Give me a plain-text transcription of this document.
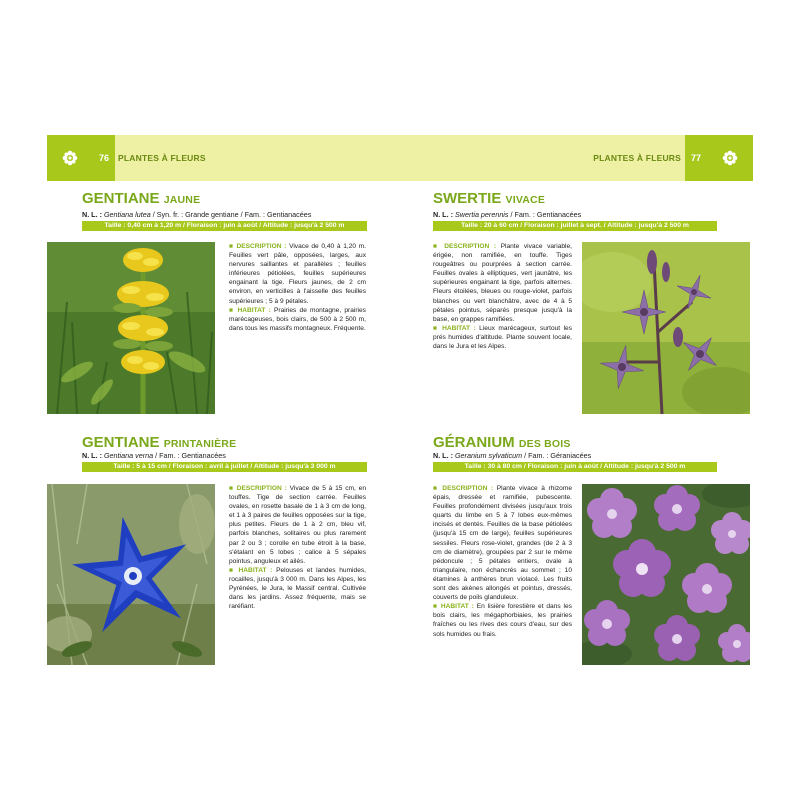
76	PLANTES À FLEURS	PLANTES À FLEURS	77
GENTIANE JAUNE
N. L. : Gentiana lutea / Syn. fr. : Grande gentiane / Fam. : Gentianacées
Taille : 0,40 cm à 1,20 m / Floraison : juin à août / Altitude : jusqu'à 2 500 m
■ DESCRIPTION : Vivace de 0,40 à 1,20 m. Feuilles vert pâle, opposées, larges, aux nervures saillantes et parallèles ; feuilles inférieures pétiolées, feuilles supérieures engainant la tige. Fleurs jaunes, de 2 cm environ, en verticilles à l'aisselle des feuilles supérieures ; 5 à 9 pétales.
■ HABITAT : Prairies de montagne, prairies marécageuses, bois clairs, de 500 à 2 500 m, dans tous les massifs montagneux. Fréquente.
SWERTIE VIVACE
N. L. : Swertia perennis / Fam. : Gentianacées
Taille : 20 à 60 cm / Floraison : juillet à sept. / Altitude : jusqu'à 2 500 m
■ DESCRIPTION : Plante vivace variable, érigée, non ramifiée, en touffe. Tiges rougeâtres ou pourprées à section carrée. Feuilles ovales à elliptiques, vert jaunâtre, les supérieures engainant la tige, parfois alternes. Fleurs étoilées, bleues ou rouge-violet, parfois blanches ou vert blanchâtre, avec de 4 à 5 pétales pointus, séparés presque jusqu'à la base, en grappes ramifiées.
■ HABITAT : Lieux marécageux, surtout les prés humides d'altitude. Plante souvent locale, dans le Jura et les Alpes.
GENTIANE PRINTANIÈRE
N. L. : Gentiana verna / Fam. : Gentianacées
Taille : 5 à 15 cm / Floraison : avril à juillet / Altitude : jusqu'à 3 000 m
■ DESCRIPTION : Vivace de 5 à 15 cm, en touffes. Tige de section carrée. Feuilles ovales, en rosette basale de 1 à 3 cm de long, et 1 à 3 paires de feuilles opposées sur la tige, plus petites. Fleurs de 1 à 2 cm, bleu vif, parfois blanches, solitaires ou plus rarement par 2 ou 3 ; corolle en tube étroit à la base, s'étalant en 5 lobes ; calice à 5 sépales pointus, anguleux et ailés.
■ HABITAT : Pelouses et landes humides, rocailles, jusqu'à 3 000 m. Dans les Alpes, les Pyrénées, le Jura, le Massif central. Cultivée dans les jardins. Assez fréquente, mais se raréfiant.
GÉRANIUM DES BOIS
N. L. : Geranium sylvaticum / Fam. : Géraniacées
Taille : 30 à 80 cm / Floraison : juin à août / Altitude : jusqu'à 2 500 m
■ DESCRIPTION : Plante vivace à rhizome épais, dressée et ramifiée, pubescente. Feuilles profondément divisées jusqu'aux trois quarts du limbe en 5 à 7 lobes eux-mêmes incisés et dentés. Feuilles de la base pétiolées (jusqu'à 15 cm de large), feuilles supérieures sessiles. Fleurs rose-violet, grandes (de 2 à 3 cm de diamètre), groupées par 2 sur le même pédoncule ; 5 pétales entiers, ovale à triangulaire, non échancrés au sommet ; 10 étamines à anthères brun violacé. Les fruits sont des akènes allongés et pointus, dressés, couverts de poils glanduleux.
■ HABITAT : En lisière forestière et dans les bois clairs, les mégaphorbiaies, les prairies fraîches ou les rives des cours d'eau, sur des sols humides ou frais.
